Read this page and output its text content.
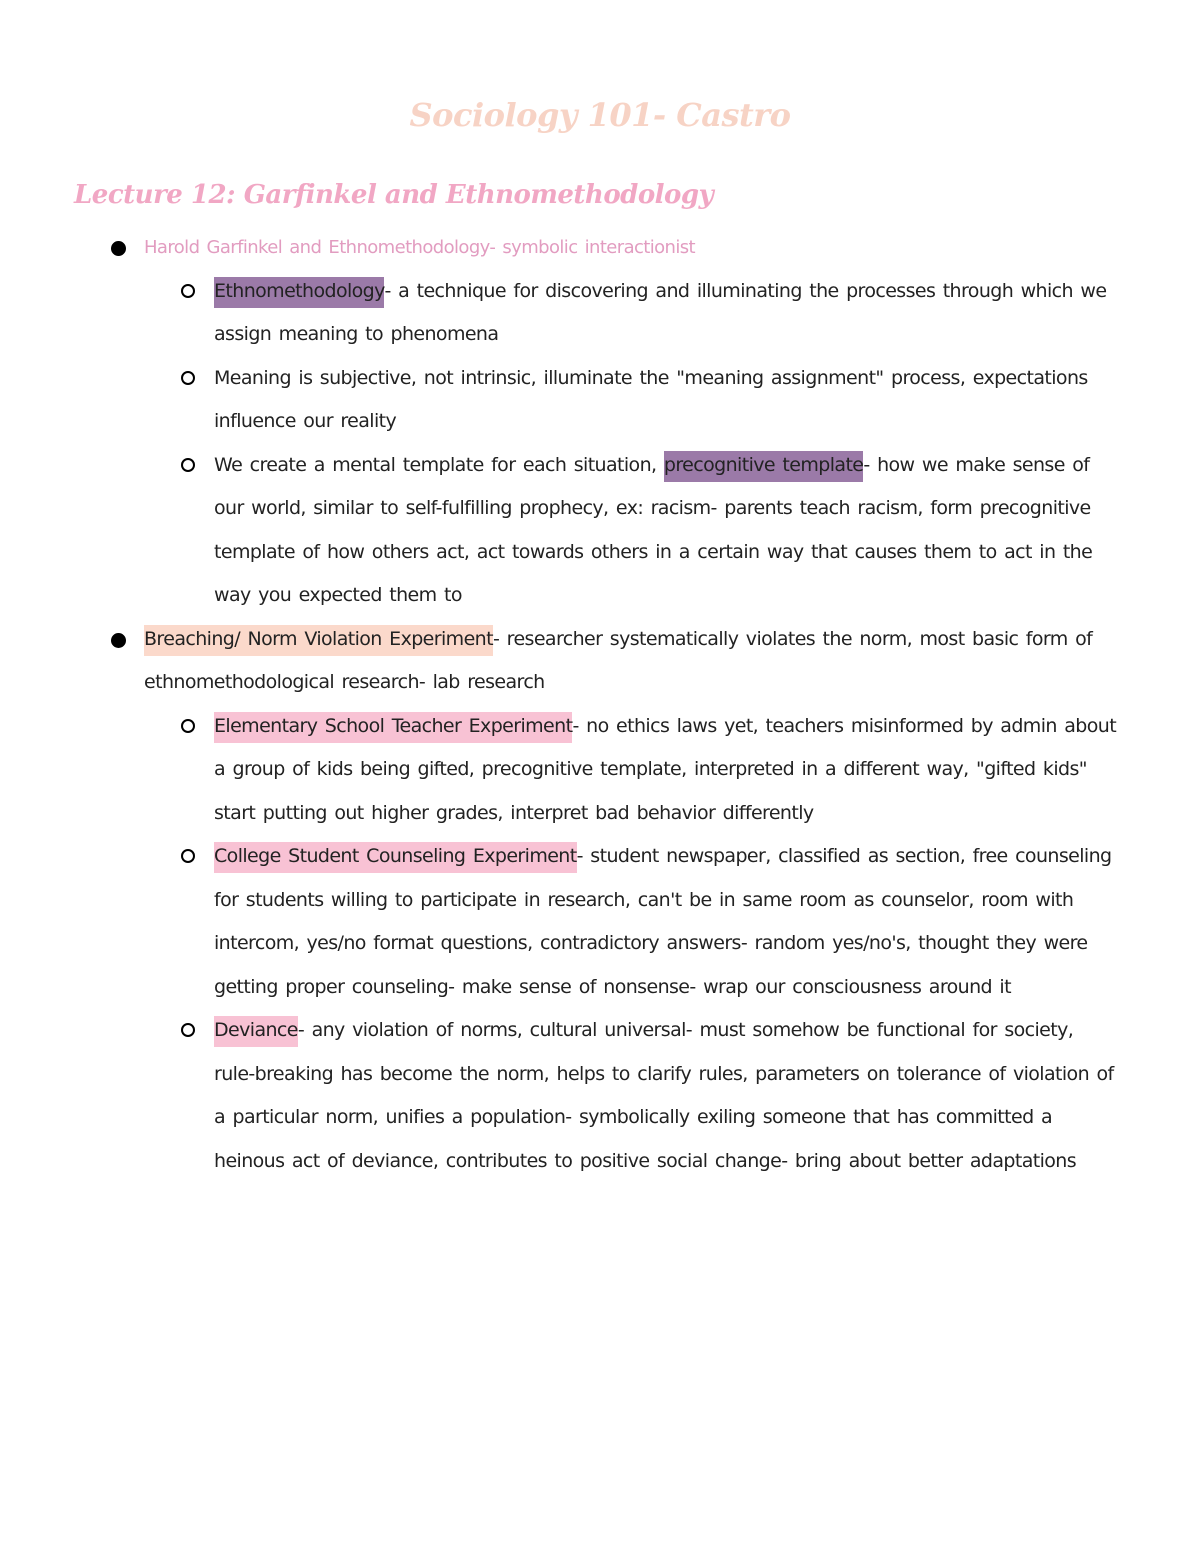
Sociology 101- Castro
Lecture 12: Garfinkel and Ethnomethodology
Harold Garfinkel and Ethnomethodology- symbolic interactionist
Ethnomethodology- a technique for discovering and illuminating the processes through which we assign meaning to phenomena
Meaning is subjective, not intrinsic, illuminate the "meaning assignment" process, expectations influence our reality
We create a mental template for each situation, precognitive template- how we make sense of our world, similar to self-fulfilling prophecy, ex: racism- parents teach racism, form precognitive template of how others act, act towards others in a certain way that causes them to act in the way you expected them to
Breaching/ Norm Violation Experiment- researcher systematically violates the norm, most basic form of ethnomethodological research- lab research
Elementary School Teacher Experiment- no ethics laws yet, teachers misinformed by admin about a group of kids being gifted, precognitive template, interpreted in a different way, "gifted kids" start putting out higher grades, interpret bad behavior differently
College Student Counseling Experiment- student newspaper, classified as section, free counseling for students willing to participate in research, can't be in same room as counselor, room with intercom, yes/no format questions, contradictory answers- random yes/no's, thought they were getting proper counseling- make sense of nonsense- wrap our consciousness around it
Deviance- any violation of norms, cultural universal- must somehow be functional for society, rule-breaking has become the norm, helps to clarify rules, parameters on tolerance of violation of a particular norm, unifies a population- symbolically exiling someone that has committed a heinous act of deviance, contributes to positive social change- bring about better adaptations
